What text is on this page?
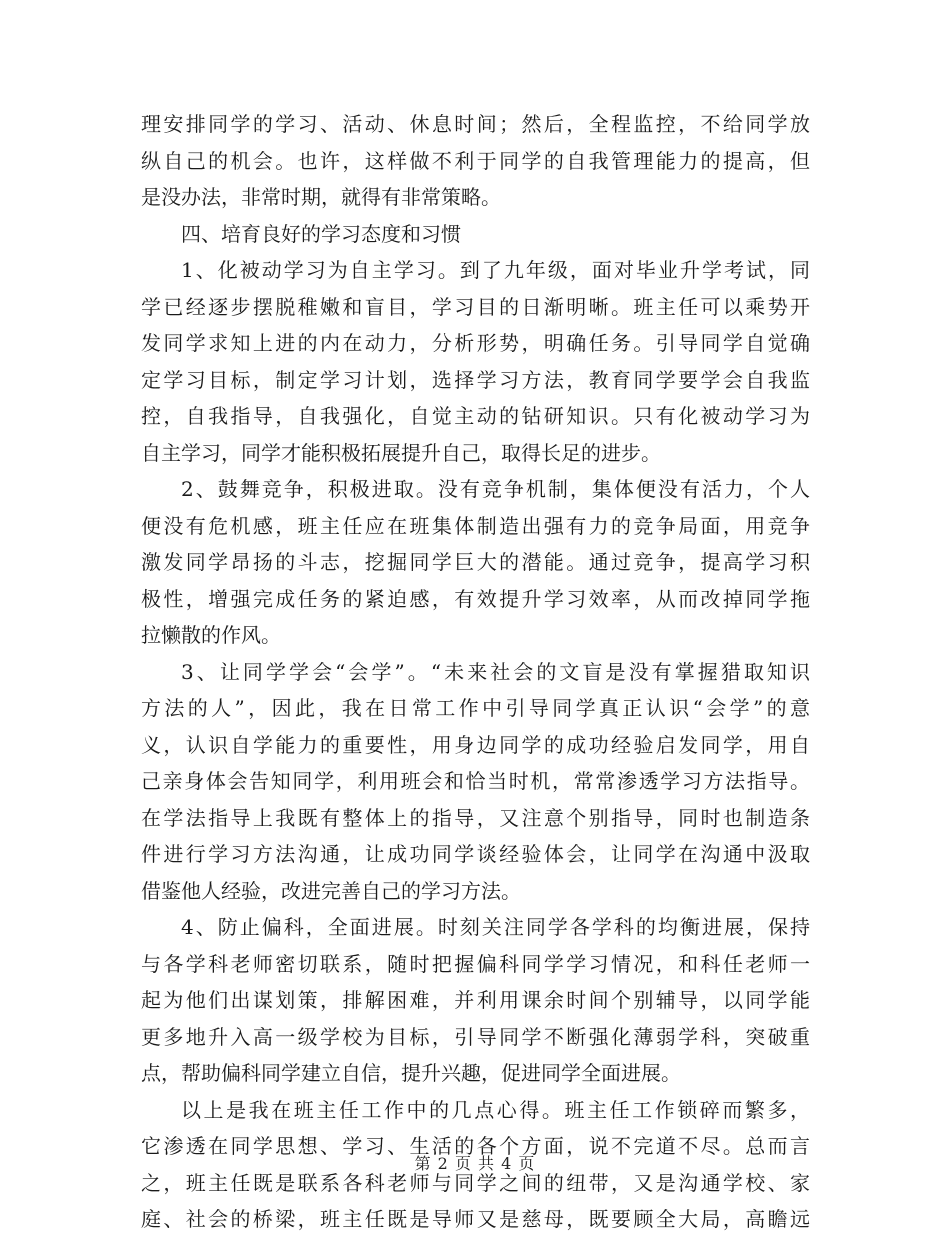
理安排同学的学习、活动、休息时间；然后，全程监控，不给同学放
纵自己的机会。也许，这样做不利于同学的自我管理能力的提高，但
是没办法，非常时期，就得有非常策略。
四、培育良好的学习态度和习惯
1、化被动学习为自主学习。到了九年级，面对毕业升学考试，同
学已经逐步摆脱稚嫩和盲目，学习目的日渐明晰。班主任可以乘势开
发同学求知上进的内在动力，分析形势，明确任务。引导同学自觉确
定学习目标，制定学习计划，选择学习方法，教育同学要学会自我监
控，自我指导，自我强化，自觉主动的钻研知识。只有化被动学习为
自主学习，同学才能积极拓展提升自己，取得长足的进步。
2、鼓舞竞争，积极进取。没有竞争机制，集体便没有活力，个人
便没有危机感，班主任应在班集体制造出强有力的竞争局面，用竞争
激发同学昂扬的斗志，挖掘同学巨大的潜能。通过竞争，提高学习积
极性，增强完成任务的紧迫感，有效提升学习效率，从而改掉同学拖
拉懒散的作风。
3、让同学学会“会学”。“未来社会的文盲是没有掌握猎取知识
方法的人”，因此，我在日常工作中引导同学真正认识“会学”的意
义，认识自学能力的重要性，用身边同学的成功经验启发同学，用自
己亲身体会告知同学，利用班会和恰当时机，常常渗透学习方法指导。
在学法指导上我既有整体上的指导，又注意个别指导，同时也制造条
件进行学习方法沟通，让成功同学谈经验体会，让同学在沟通中汲取
借鉴他人经验，改进完善自己的学习方法。
4、防止偏科，全面进展。时刻关注同学各学科的均衡进展，保持
与各学科老师密切联系，随时把握偏科同学学习情况，和科任老师一
起为他们出谋划策，排解困难，并利用课余时间个别辅导，以同学能
更多地升入高一级学校为目标，引导同学不断强化薄弱学科，突破重
点，帮助偏科同学建立自信，提升兴趣，促进同学全面进展。
以上是我在班主任工作中的几点心得。班主任工作锁碎而繁多，
它渗透在同学思想、学习、生活的各个方面，说不完道不尽。总而言
之，班主任既是联系各科老师与同学之间的纽带，又是沟通学校、家
庭、社会的桥梁，班主任既是导师又是慈母，既要顾全大局，高瞻远
第 2 页 共 4 页
